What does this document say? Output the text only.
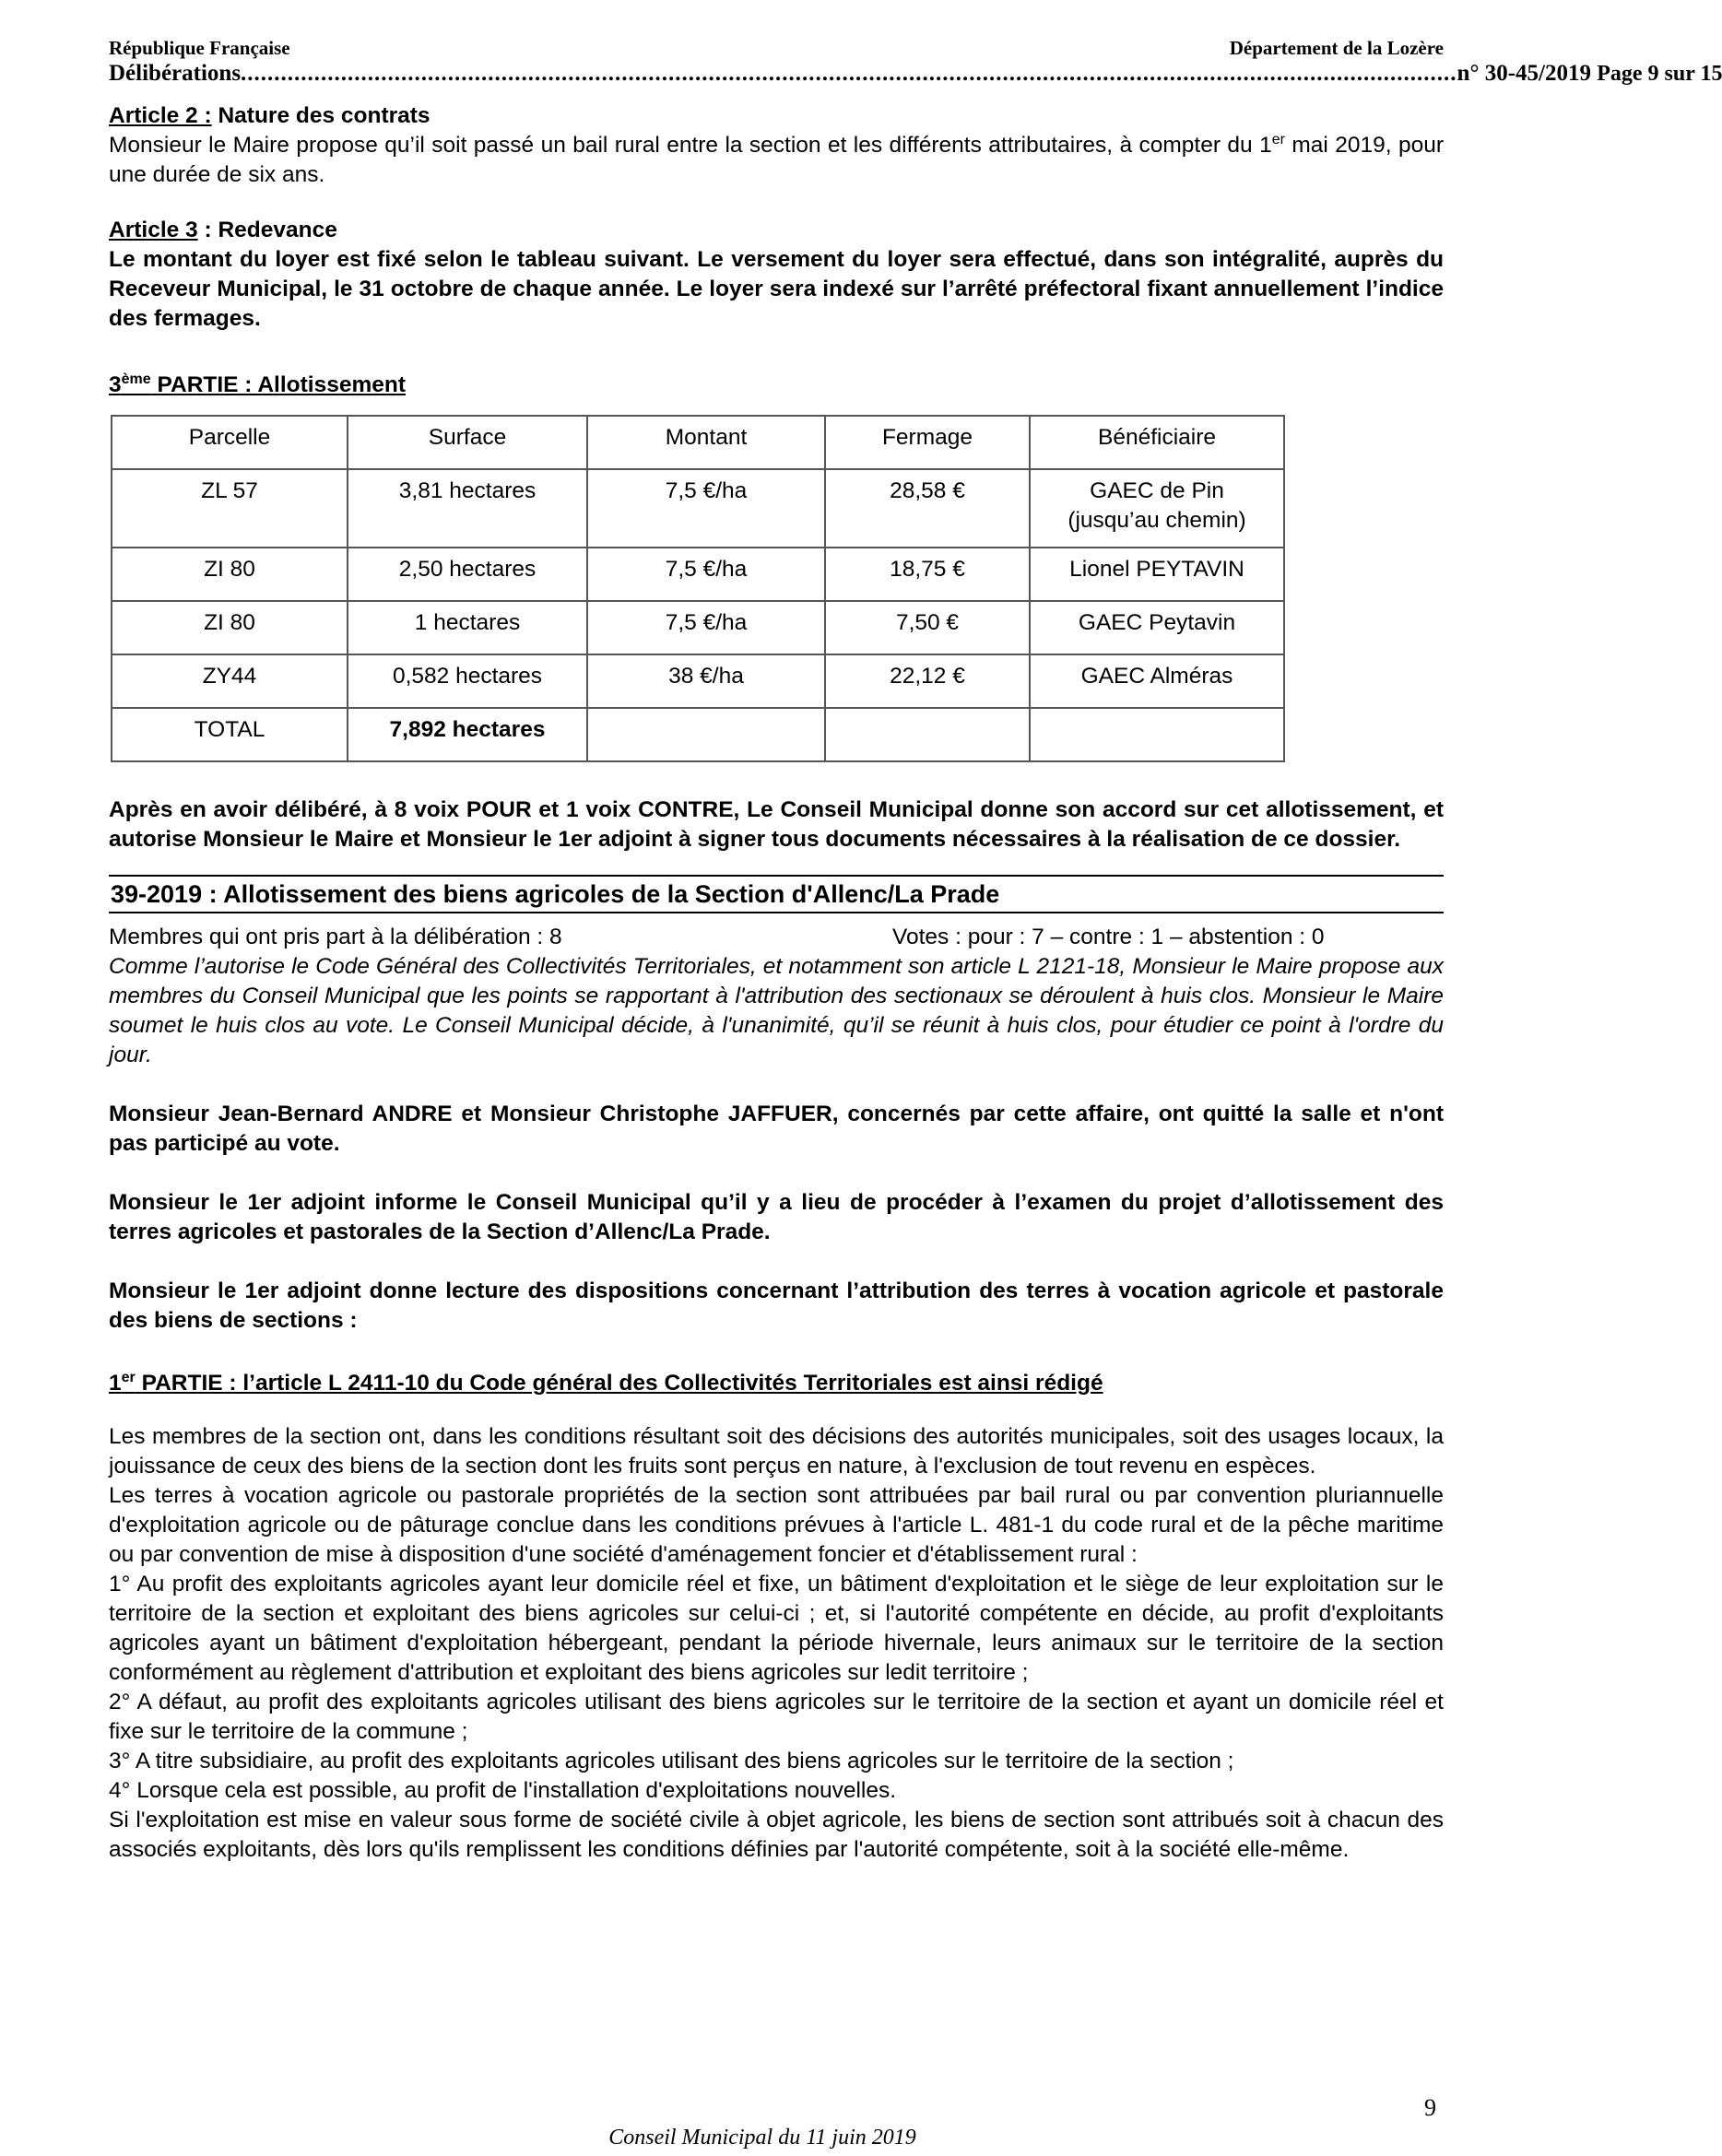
République Française	Département de la Lozère
Délibérations ...................................................................................................................................................................................... n° 30-45/2019 Page 9 sur 15

Article 2 : Nature des contrats

Monsieur le Maire propose qu’il soit passé un bail rural entre la section et les différents attributaires, à compter du 1er mai 2019, pour une durée de six ans.

Article 3 : Redevance

Le montant du loyer est fixé selon le tableau suivant. Le versement du loyer sera effectué, dans son intégralité, auprès du Receveur Municipal, le 31 octobre de chaque année. Le loyer sera indexé sur l’arrêté préfectoral fixant annuellement l’indice des fermages.

3ème PARTIE : Allotissement

Parcelle	Surface	Montant	Fermage	Bénéficiaire
ZL 57	3,81 hectares	7,5 €/ha	28,58 €	GAEC de Pin (jusqu’au chemin)
ZI 80	2,50 hectares	7,5 €/ha	18,75 €	Lionel PEYTAVIN
ZI 80	1 hectares	7,5 €/ha	7,50 €	GAEC Peytavin
ZY44	0,582 hectares	38 €/ha	22,12 €	GAEC Alméras
TOTAL	7,892 hectares			

Après en avoir délibéré, à 8 voix POUR et 1 voix CONTRE, Le Conseil Municipal donne son accord sur cet allotissement, et autorise Monsieur le Maire et Monsieur le 1er adjoint à signer tous documents nécessaires à la réalisation de ce dossier.

39-2019 : Allotissement des biens agricoles de la Section d'Allenc/La Prade
Membres qui ont pris part à la délibération : 8	Votes : pour : 7 – contre : 1 – abstention : 0

Comme l’autorise le Code Général des Collectivités Territoriales, et notamment son article L 2121-18, Monsieur le Maire propose aux membres du Conseil Municipal que les points se rapportant à l'attribution des sectionaux se déroulent à huis clos. Monsieur le Maire soumet le huis clos au vote. Le Conseil Municipal décide, à l'unanimité, qu’il se réunit à huis clos, pour étudier ce point à l'ordre du jour.

Monsieur Jean-Bernard ANDRE et Monsieur Christophe JAFFUER, concernés par cette affaire, ont quitté la salle et n'ont pas participé au vote.

Monsieur le 1er adjoint informe le Conseil Municipal qu’il y a lieu de procéder à l’examen du projet d’allotissement des terres agricoles et pastorales de la Section d’Allenc/La Prade.

Monsieur le 1er adjoint donne lecture des dispositions concernant l’attribution des terres à vocation agricole et pastorale des biens de sections :

1er PARTIE : l’article L 2411-10 du Code général des Collectivités Territoriales est ainsi rédigé

Les membres de la section ont, dans les conditions résultant soit des décisions des autorités municipales, soit des usages locaux, la jouissance de ceux des biens de la section dont les fruits sont perçus en nature, à l'exclusion de tout revenu en espèces.

Les terres à vocation agricole ou pastorale propriétés de la section sont attribuées par bail rural ou par convention pluriannuelle d'exploitation agricole ou de pâturage conclue dans les conditions prévues à l'article L. 481-1 du code rural et de la pêche maritime ou par convention de mise à disposition d'une société d'aménagement foncier et d'établissement rural :

1° Au profit des exploitants agricoles ayant leur domicile réel et fixe, un bâtiment d'exploitation et le siège de leur exploitation sur le territoire de la section et exploitant des biens agricoles sur celui-ci ; et, si l'autorité compétente en décide, au profit d'exploitants agricoles ayant un bâtiment d'exploitation hébergeant, pendant la période hivernale, leurs animaux sur le territoire de la section conformément au règlement d'attribution et exploitant des biens agricoles sur ledit territoire ;

2° A défaut, au profit des exploitants agricoles utilisant des biens agricoles sur le territoire de la section et ayant un domicile réel et fixe sur le territoire de la commune ;

3° A titre subsidiaire, au profit des exploitants agricoles utilisant des biens agricoles sur le territoire de la section ;

4° Lorsque cela est possible, au profit de l'installation d'exploitations nouvelles.

Si l'exploitation est mise en valeur sous forme de société civile à objet agricole, les biens de section sont attribués soit à chacun des associés exploitants, dès lors qu'ils remplissent les conditions définies par l'autorité compétente, soit à la société elle-même.

9
Conseil Municipal du 11 juin 2019
